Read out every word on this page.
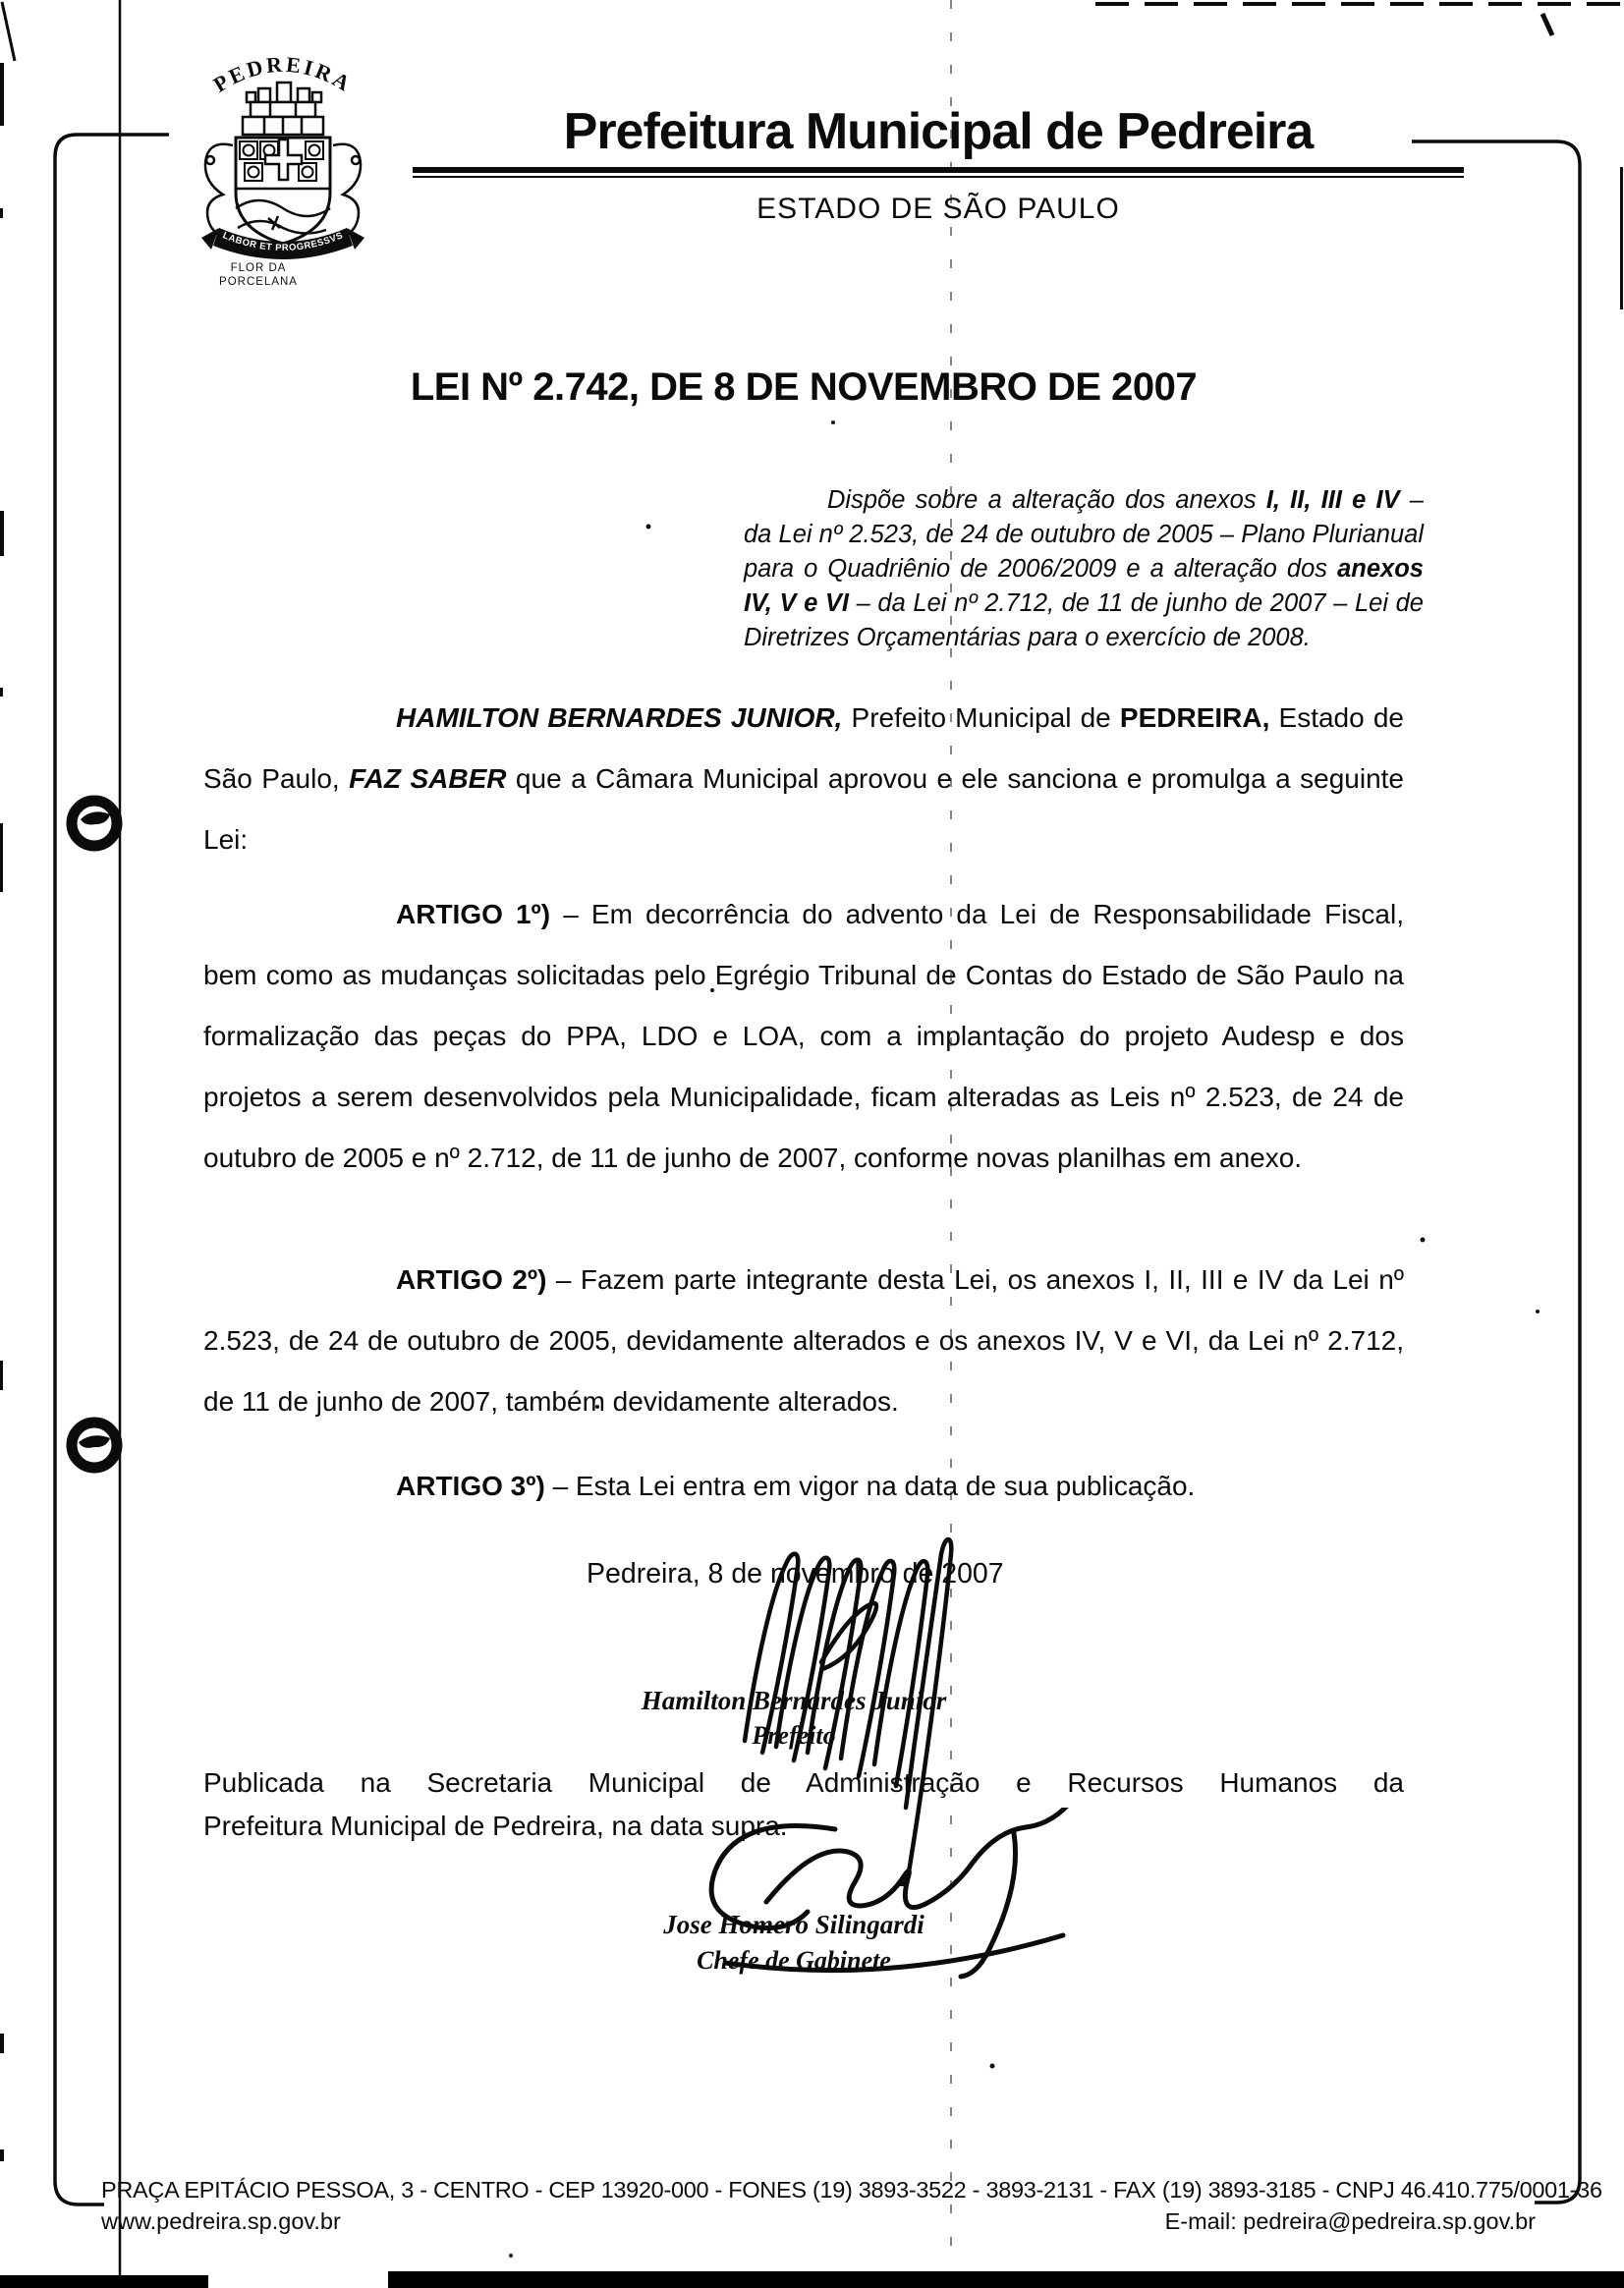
PEDREIRA
LABOR ET PROGRESSVS
FLOR DA
PORCELANA
Prefeitura Municipal de Pedreira
ESTADO DE SÃO PAULO
LEI Nº 2.742, DE 8 DE NOVEMBRO DE 2007
Dispõe sobre a alteração dos anexos I, II, III e IV – da Lei nº 2.523, de 24 de outubro de 2005 – Plano Plurianual para o Quadriênio de 2006/2009 e a alteração dos anexos IV, V e VI – da Lei nº 2.712, de 11 de junho de 2007 – Lei de Diretrizes Orçamentárias para o exercício de 2008.
HAMILTON BERNARDES JUNIOR, Prefeito Municipal de PEDREIRA, Estado de São Paulo, FAZ SABER que a Câmara Municipal aprovou e ele sanciona e promulga a seguinte Lei:
ARTIGO 1º) – Em decorrência do advento da Lei de Responsabilidade Fiscal, bem como as mudanças solicitadas pelo Egrégio Tribunal de Contas do Estado de São Paulo na formalização das peças do PPA, LDO e LOA, com a implantação do projeto Audesp e dos projetos a serem desenvolvidos pela Municipalidade, ficam alteradas as Leis nº 2.523, de 24 de outubro de 2005 e nº 2.712, de 11 de junho de 2007, conforme novas planilhas em anexo.
ARTIGO 2º) – Fazem parte integrante desta Lei, os anexos I, II, III e IV da Lei nº 2.523, de 24 de outubro de 2005, devidamente alterados e os anexos IV, V e VI, da Lei nº 2.712, de 11 de junho de 2007, também devidamente alterados.
ARTIGO 3º) – Esta Lei entra em vigor na data de sua publicação.
Pedreira, 8 de novembro de 2007
Hamilton Bernardes Junior
Prefeito
Publicada na Secretaria Municipal de Administração e Recursos Humanos da
Prefeitura Municipal de Pedreira, na data supra.
Jose Homero Silingardi
Chefe de Gabinete
PRAÇA EPITÁCIO PESSOA, 3 - CENTRO - CEP 13920-000 - FONES (19) 3893-3522 - 3893-2131 - FAX (19) 3893-3185 - CNPJ 46.410.775/0001-36
www.pedreira.sp.gov.br	E-mail: pedreira@pedreira.sp.gov.br
